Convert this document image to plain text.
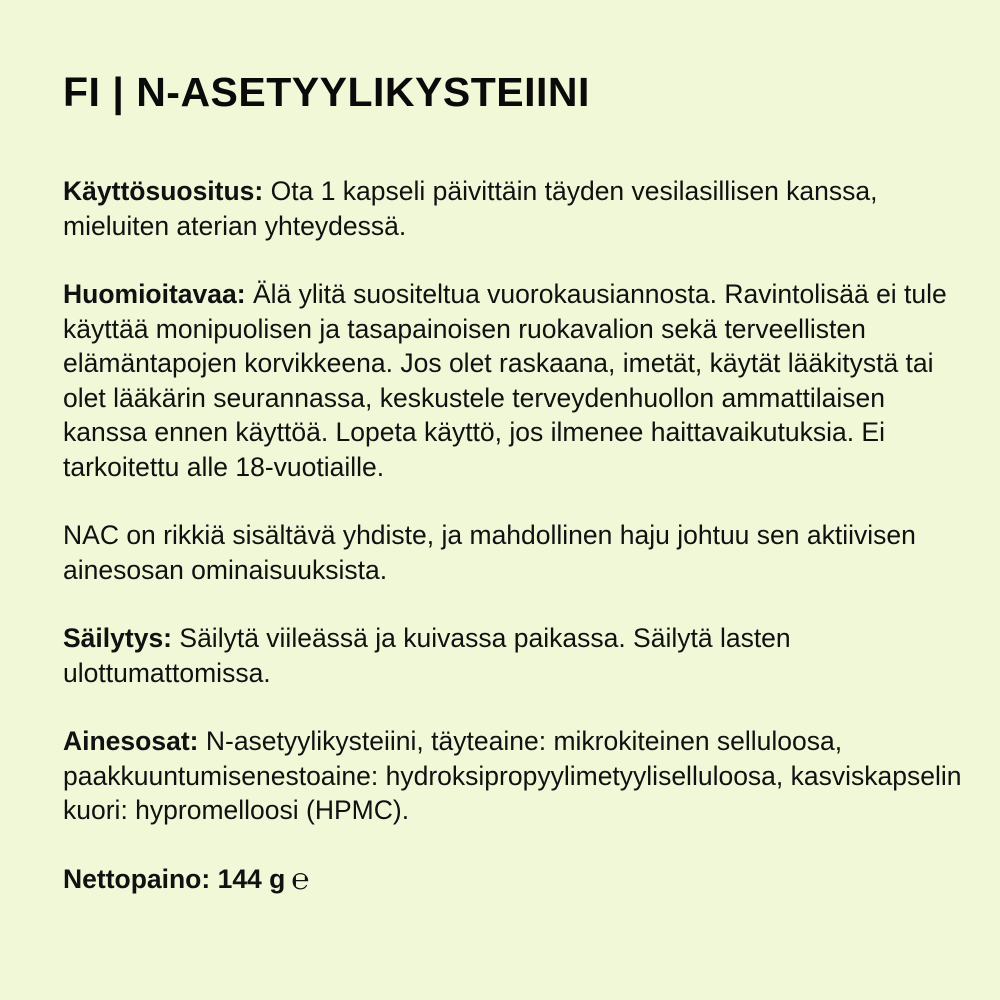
FI | N-ASETYYLIKYSTEIINI

Käyttösuositus: Ota 1 kapseli päivittäin täyden vesilasillisen kanssa, mieluiten aterian yhteydessä.

Huomioitavaa: Älä ylitä suositeltua vuorokausiannosta. Ravintolisää ei tule käyttää monipuolisen ja tasapainoisen ruokavalion sekä terveellisten elämäntapojen korvikkeena. Jos olet raskaana, imetät, käytät lääkitystä tai olet lääkärin seurannassa, keskustele terveydenhuollon ammattilaisen kanssa ennen käyttöä. Lopeta käyttö, jos ilmenee haittavaikutuksia. Ei tarkoitettu alle 18-vuotiaille.

NAC on rikkiä sisältävä yhdiste, ja mahdollinen haju johtuu sen aktiivisen ainesosan ominaisuuksista.

Säilytys: Säilytä viileässä ja kuivassa paikassa. Säilytä lasten ulottumattomissa.

Ainesosat: N-asetyylikysteiini, täyteaine: mikrokiteinen selluloosa, paakkuuntumisenestoaine: hydroksipropyylimetyyliselluloosa, kasviskapselin kuori: hypromelloosi (HPMC).

Nettopaino: 144 g ℮
